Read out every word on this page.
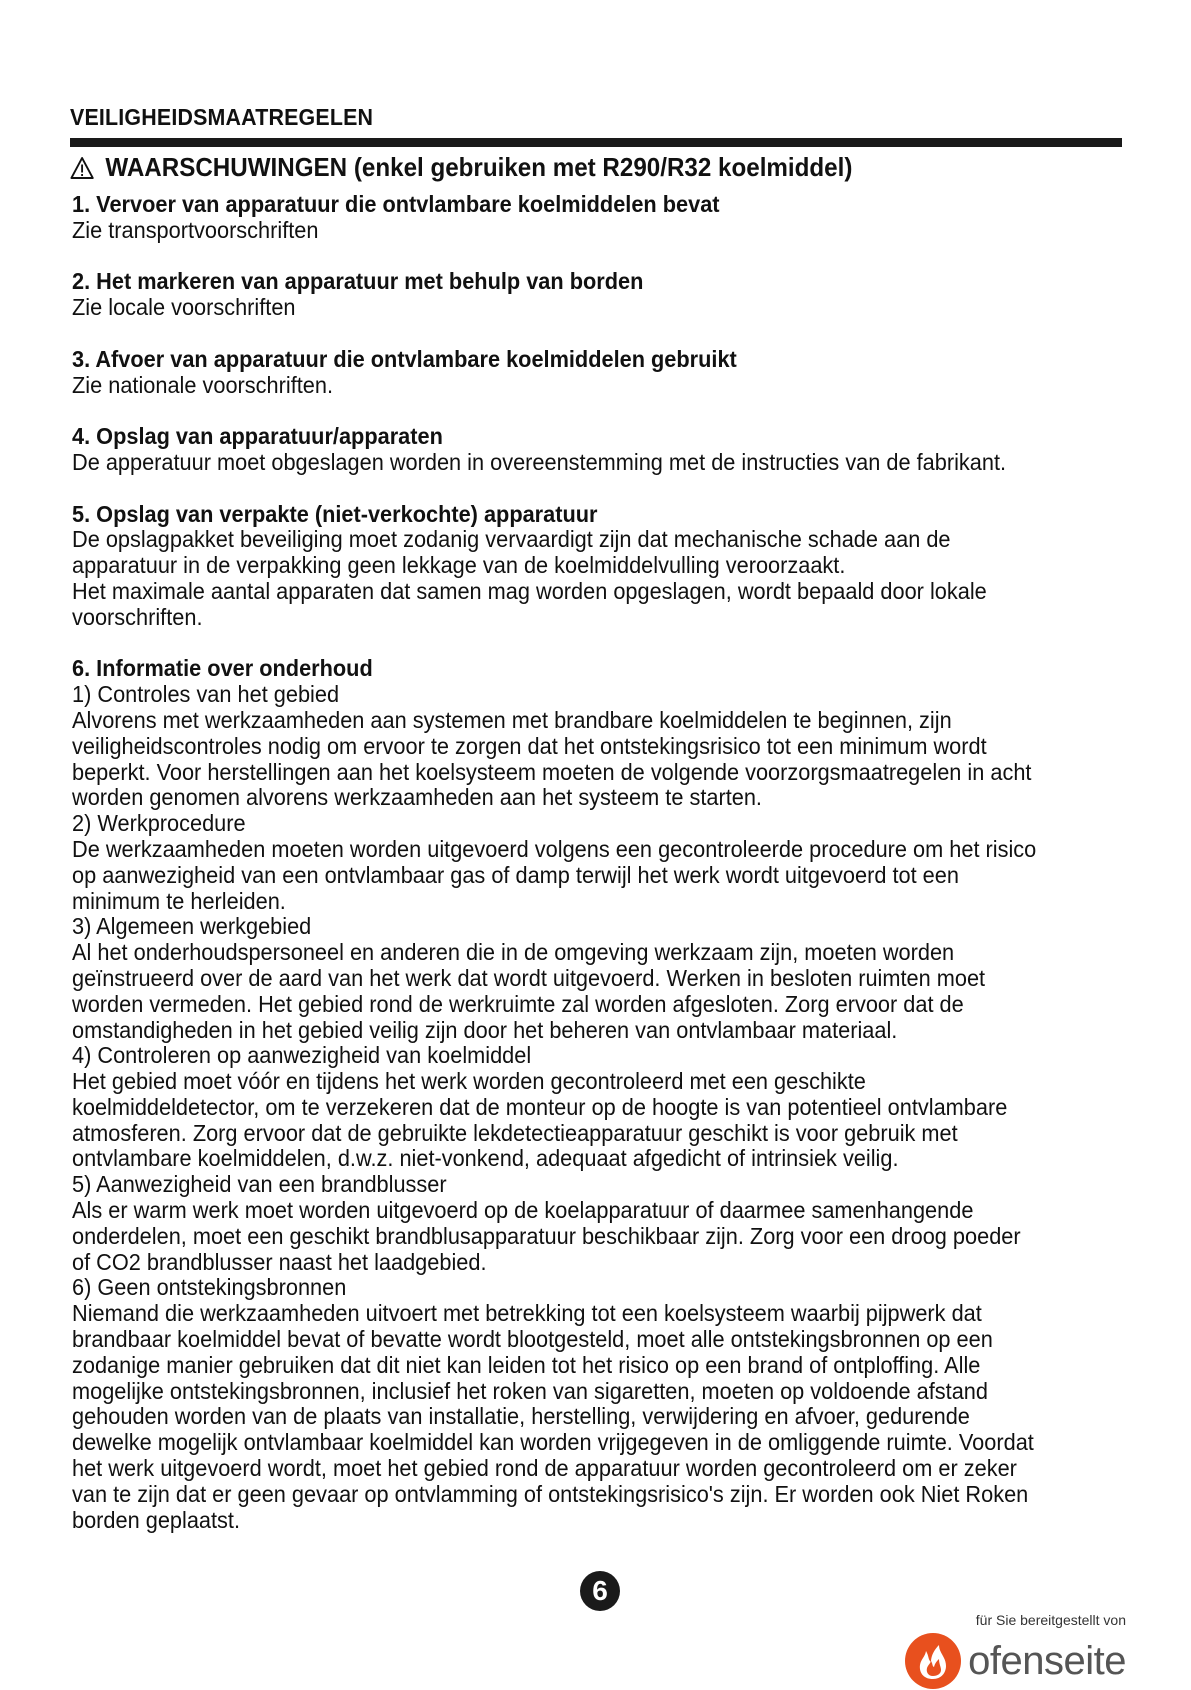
VEILIGHEIDSMAATREGELEN
WAARSCHUWINGEN (enkel gebruiken met R290/R32 koelmiddel)

1. Vervoer van apparatuur die ontvlambare koelmiddelen bevat

Zie transportvoorschriften

2. Het markeren van apparatuur met behulp van borden

Zie locale voorschriften

3. Afvoer van apparatuur die ontvlambare koelmiddelen gebruikt

Zie nationale voorschriften.

4. Opslag van apparatuur/apparaten

De apperatuur moet obgeslagen worden in overeenstemming met de instructies van de fabrikant.

5. Opslag van verpakte (niet-verkochte) apparatuur

De opslagpakket beveiliging moet zodanig vervaardigt zijn dat mechanische schade aan de

apparatuur in de verpakking geen lekkage van de koelmiddelvulling veroorzaakt.

Het maximale aantal apparaten dat samen mag worden opgeslagen, wordt bepaald door lokale

voorschriften.

6. Informatie over onderhoud

1) Controles van het gebied

Alvorens met werkzaamheden aan systemen met brandbare koelmiddelen te beginnen, zijn

veiligheidscontroles nodig om ervoor te zorgen dat het ontstekingsrisico tot een minimum wordt

beperkt. Voor herstellingen aan het koelsysteem moeten de volgende voorzorgsmaatregelen in acht

worden genomen alvorens werkzaamheden aan het systeem te starten.

2) Werkprocedure

De werkzaamheden moeten worden uitgevoerd volgens een gecontroleerde procedure om het risico

op aanwezigheid van een ontvlambaar gas of damp terwijl het werk wordt uitgevoerd tot een

minimum te herleiden.

3) Algemeen werkgebied

Al het onderhoudspersoneel en anderen die in de omgeving werkzaam zijn, moeten worden

geïnstrueerd over de aard van het werk dat wordt uitgevoerd. Werken in besloten ruimten moet

worden vermeden. Het gebied rond de werkruimte zal worden afgesloten. Zorg ervoor dat de

omstandigheden in het gebied veilig zijn door het beheren van ontvlambaar materiaal.

4) Controleren op aanwezigheid van koelmiddel

Het gebied moet vóór en tijdens het werk worden gecontroleerd met een geschikte

koelmiddeldetector, om te verzekeren dat de monteur op de hoogte is van potentieel ontvlambare

atmosferen. Zorg ervoor dat de gebruikte lekdetectieapparatuur geschikt is voor gebruik met

ontvlambare koelmiddelen, d.w.z. niet-vonkend, adequaat afgedicht of intrinsiek veilig.

5) Aanwezigheid van een brandblusser

Als er warm werk moet worden uitgevoerd op de koelapparatuur of daarmee samenhangende

onderdelen, moet een geschikt brandblusapparatuur beschikbaar zijn. Zorg voor een droog poeder

of CO2 brandblusser naast het laadgebied.

6) Geen ontstekingsbronnen

Niemand die werkzaamheden uitvoert met betrekking tot een koelsysteem waarbij pijpwerk dat

brandbaar koelmiddel bevat of bevatte wordt blootgesteld, moet alle ontstekingsbronnen op een

zodanige manier gebruiken dat dit niet kan leiden tot het risico op een brand of ontploffing. Alle

mogelijke ontstekingsbronnen, inclusief het roken van sigaretten, moeten op voldoende afstand

gehouden worden van de plaats van installatie, herstelling, verwijdering en afvoer, gedurende

dewelke mogelijk ontvlambaar koelmiddel kan worden vrijgegeven in de omliggende ruimte. Voordat

het werk uitgevoerd wordt, moet het gebied rond de apparatuur worden gecontroleerd om er zeker

van te zijn dat er geen gevaar op ontvlamming of ontstekingsrisico's zijn. Er worden ook Niet Roken

borden geplaatst.

6
für Sie bereitgestellt von
ofenseite
